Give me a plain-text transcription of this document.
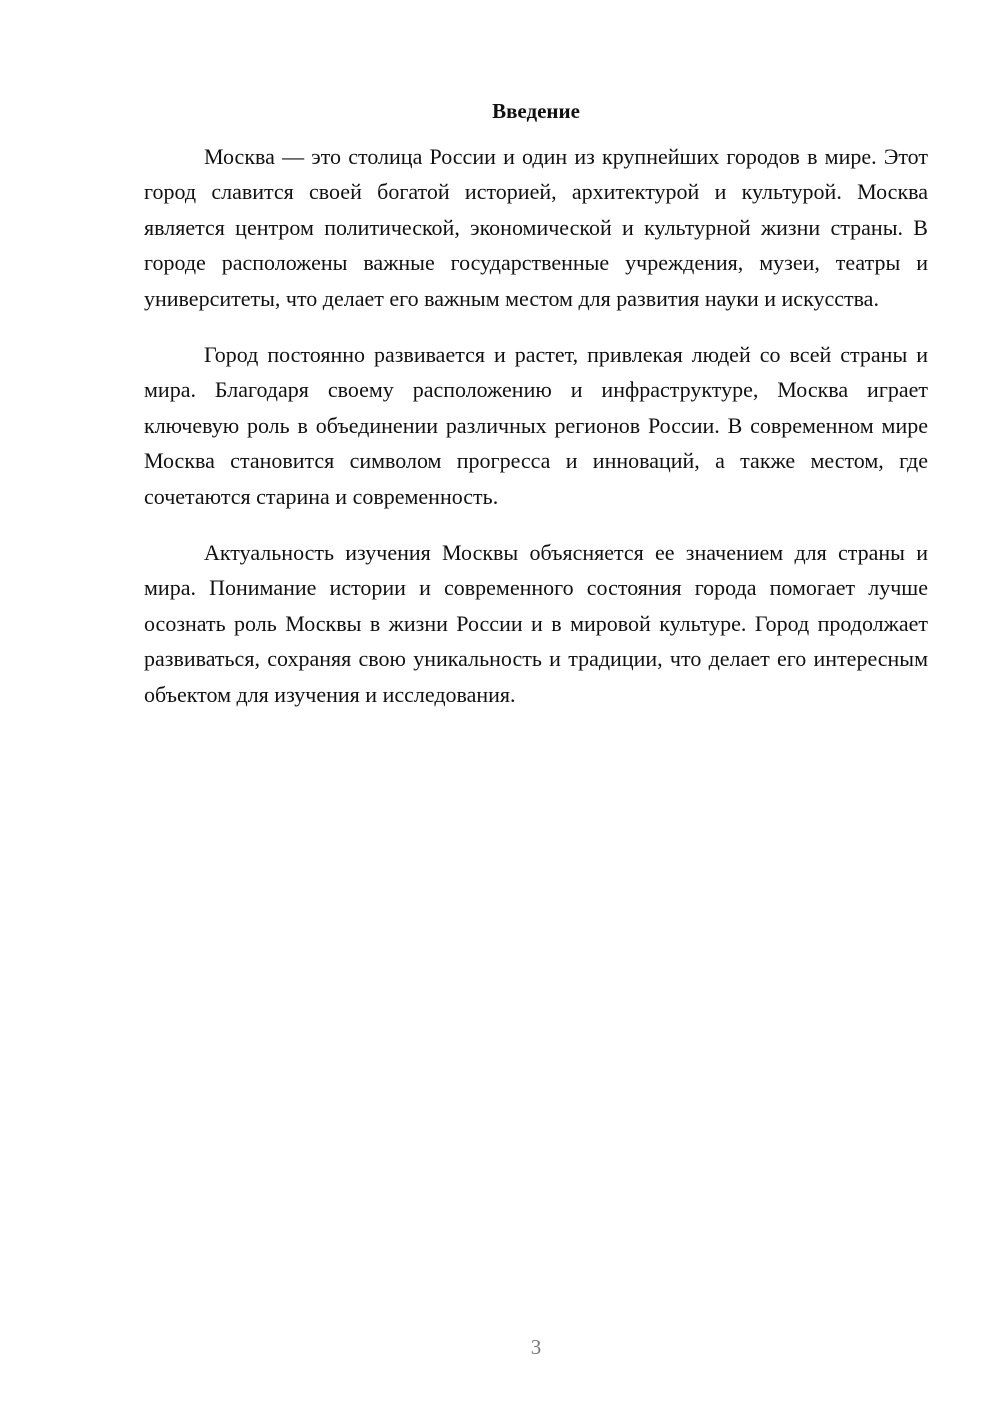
Введение

Москва — это столица России и один из крупнейших городов в мире. Этот город славится своей богатой историей, архитектурой и культурой. Москва является центром политической, экономической и культурной жизни страны. В городе расположены важные государственные учреждения, музеи, театры и университеты, что делает его важным местом для развития науки и искусства.

Город постоянно развивается и растет, привлекая людей со всей страны и мира. Благодаря своему расположению и инфраструктуре, Москва играет ключевую роль в объединении различных регионов России. В современном мире Москва становится символом прогресса и инноваций, а также местом, где сочетаются старина и современность.

Актуальность изучения Москвы объясняется ее значением для страны и мира. Понимание истории и современного состояния города помогает лучше осознать роль Москвы в жизни России и в мировой культуре. Город продолжает развиваться, сохраняя свою уникальность и традиции, что делает его интересным объектом для изучения и исследования.

3
